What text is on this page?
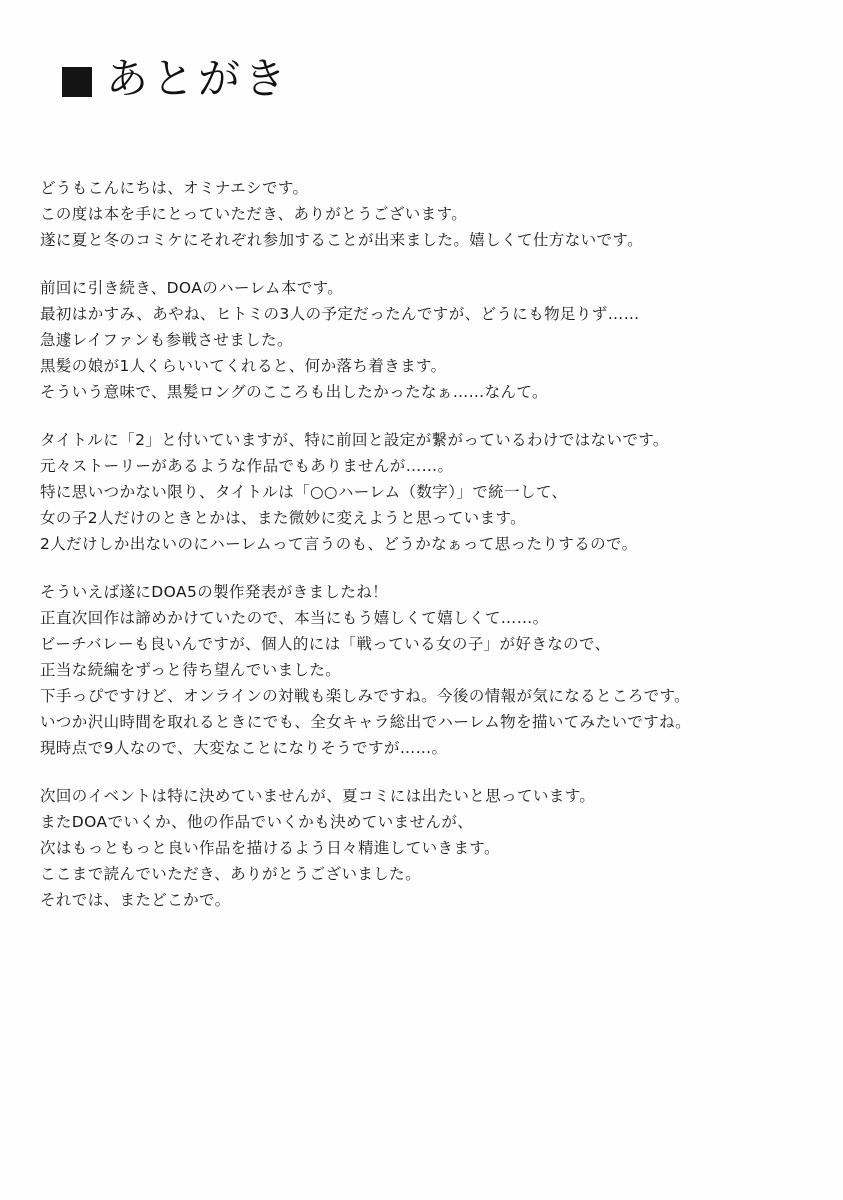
あとがき
どうもこんにちは、オミナエシです。
この度は本を手にとっていただき、ありがとうございます。
遂に夏と冬のコミケにそれぞれ参加することが出来ました。嬉しくて仕方ないです。
前回に引き続き、DOAのハーレム本です。
最初はかすみ、あやね、ヒトミの3人の予定だったんですが、どうにも物足りず……
急遽レイファンも参戦させました。
黒髪の娘が1人くらいいてくれると、何か落ち着きます。
そういう意味で、黒髪ロングのこころも出したかったなぁ……なんて。
タイトルに「2」と付いていますが、特に前回と設定が繋がっているわけではないです。
元々ストーリーがあるような作品でもありませんが……。
特に思いつかない限り、タイトルは「○○ハーレム（数字）」で統一して、
女の子2人だけのときとかは、また微妙に変えようと思っています。
2人だけしか出ないのにハーレムって言うのも、どうかなぁって思ったりするので。
そういえば遂にDOA5の製作発表がきましたね！
正直次回作は諦めかけていたので、本当にもう嬉しくて嬉しくて……。
ビーチバレーも良いんですが、個人的には「戦っている女の子」が好きなので、
正当な続編をずっと待ち望んでいました。
下手っぴですけど、オンラインの対戦も楽しみですね。今後の情報が気になるところです。
いつか沢山時間を取れるときにでも、全女キャラ総出でハーレム物を描いてみたいですね。
現時点で9人なので、大変なことになりそうですが……。
次回のイベントは特に決めていませんが、夏コミには出たいと思っています。
またDOAでいくか、他の作品でいくかも決めていませんが、
次はもっともっと良い作品を描けるよう日々精進していきます。
ここまで読んでいただき、ありがとうございました。
それでは、またどこかで。
